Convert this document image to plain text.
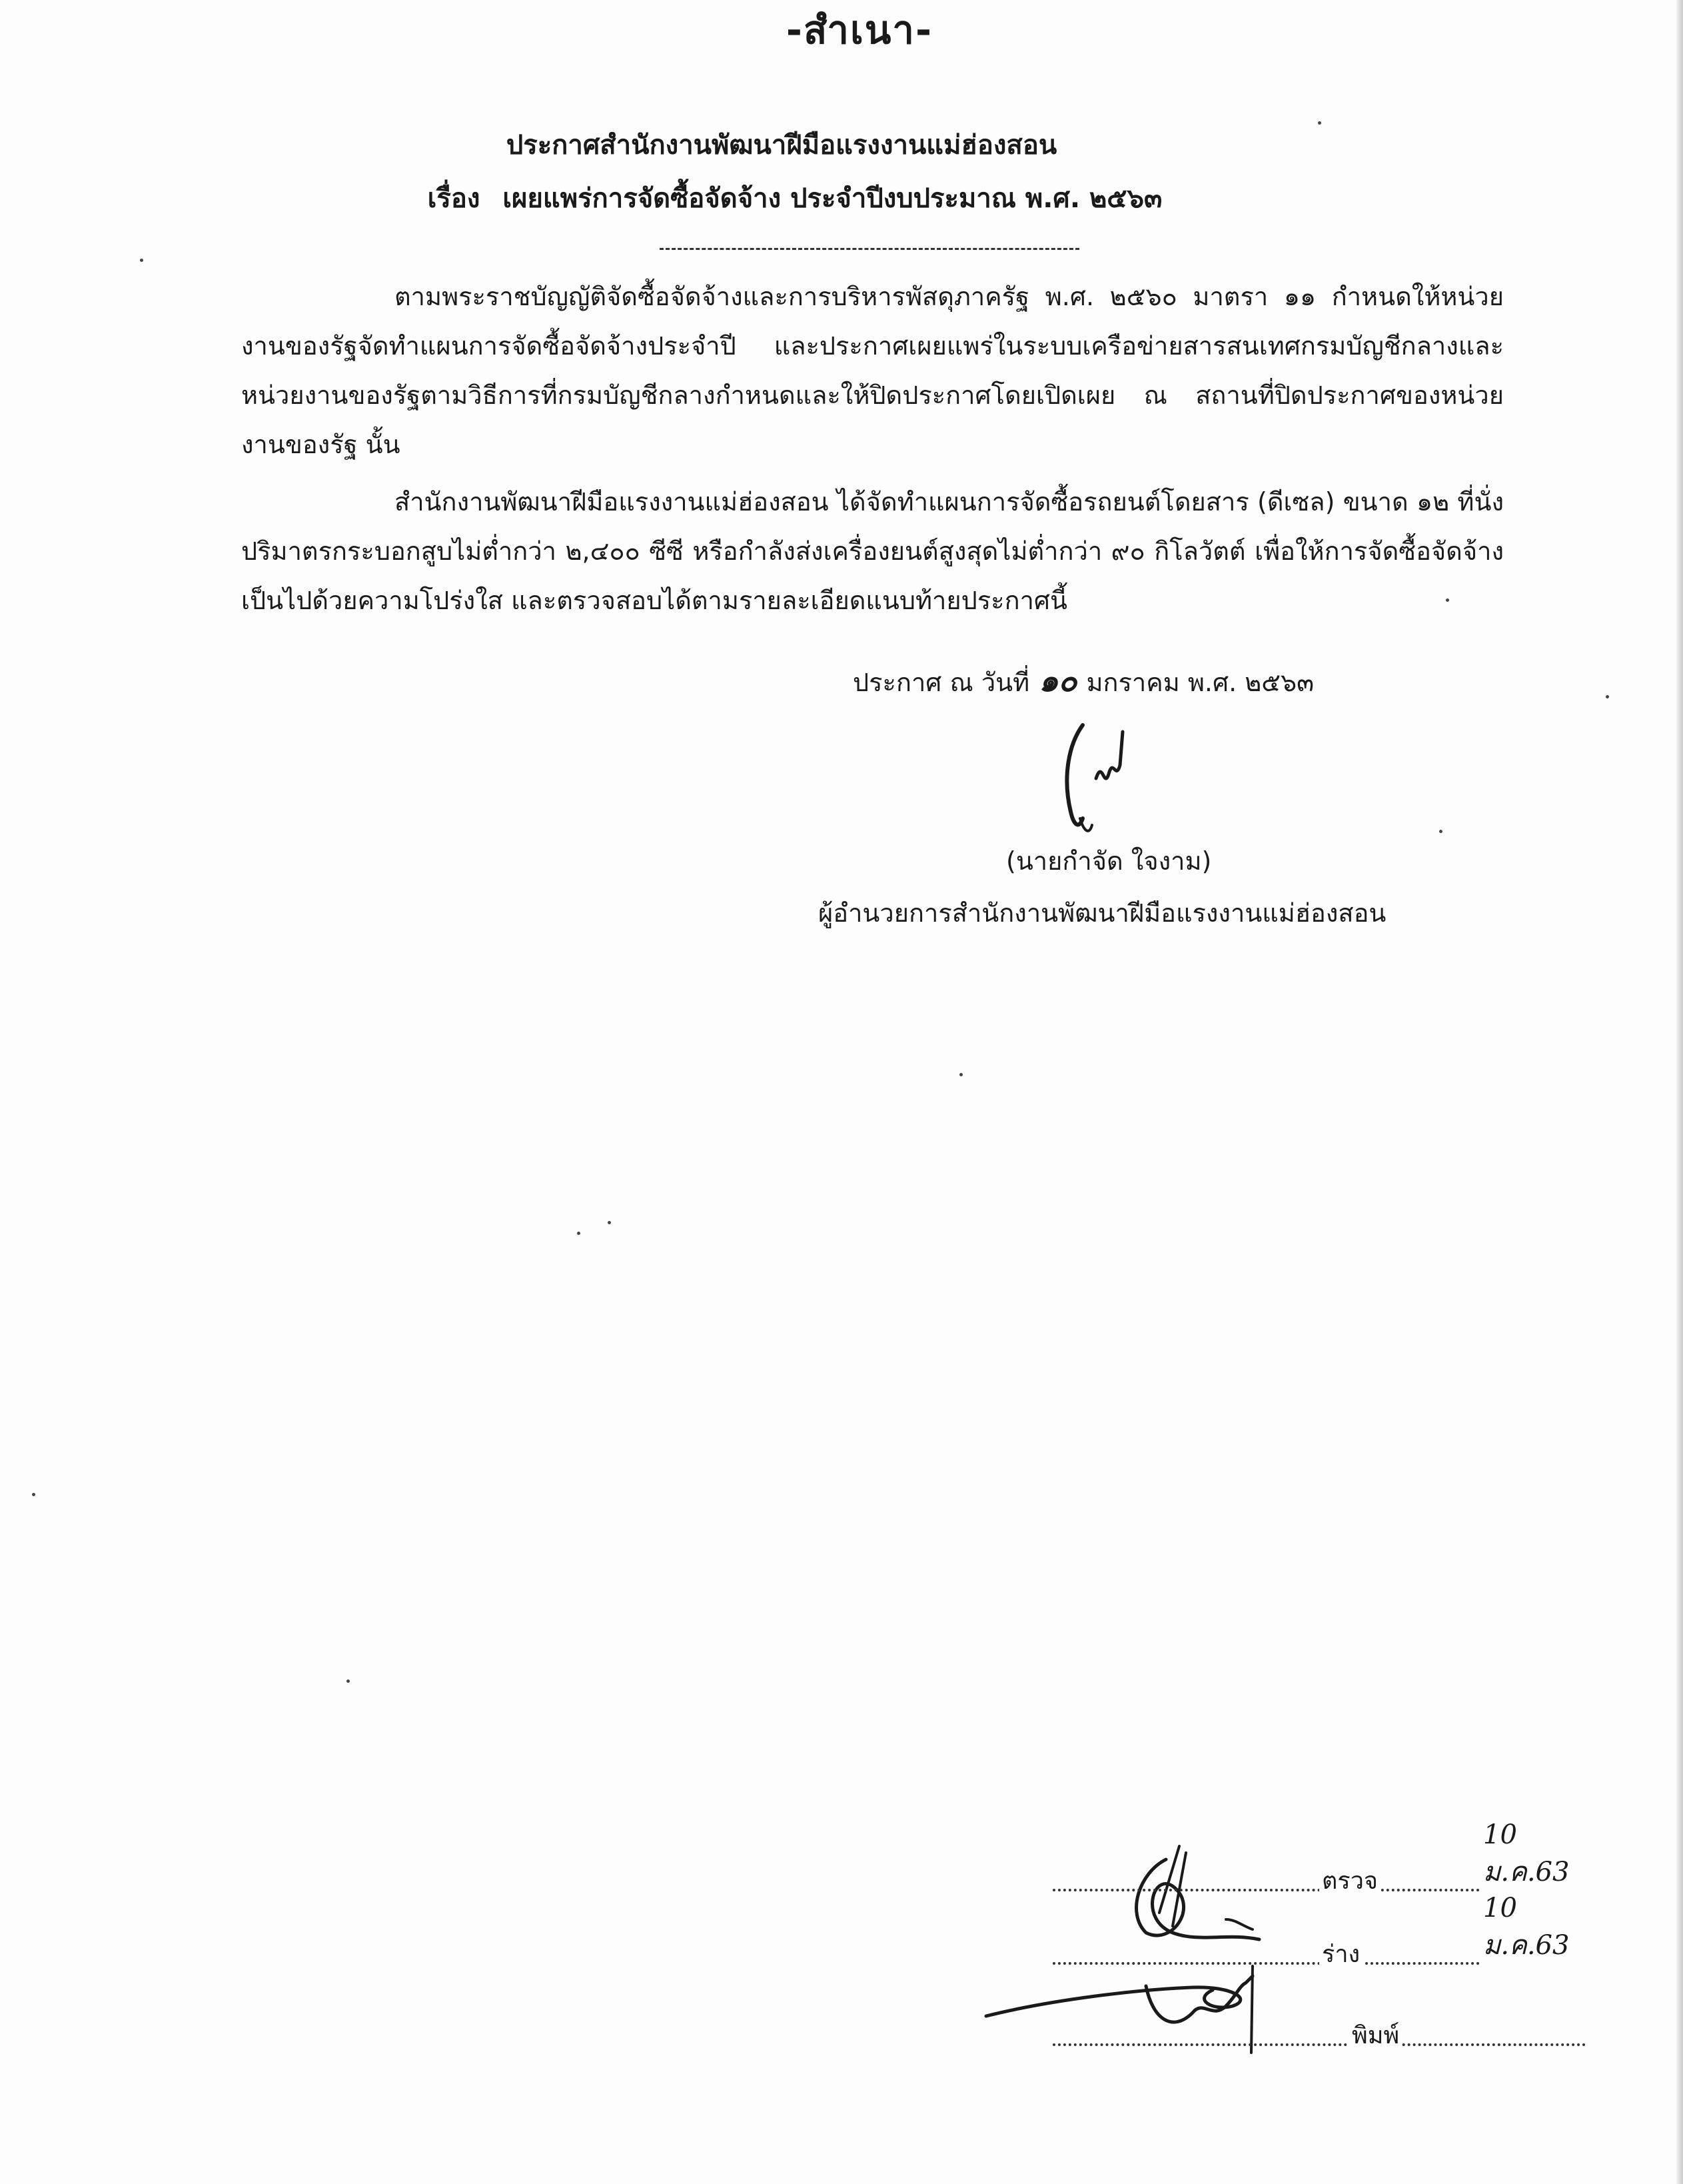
-สำเนา-
ประกาศสำนักงานพัฒนาฝีมือแรงงานแม่ฮ่องสอน
เรื่อง เผยแพร่การจัดซื้อจัดจ้าง ประจำปีงบประมาณ พ.ศ. ๒๕๖๓

ตามพระราชบัญญัติจัดซื้อจัดจ้างและการบริหารพัสดุภาครัฐ พ.ศ. ๒๕๖๐ มาตรา ๑๑ กำหนดให้หน่วยงานของรัฐจัดทำแผนการจัดซื้อจัดจ้างประจำปี และประกาศเผยแพร่ในระบบเครือข่ายสารสนเทศกรมบัญชีกลางและหน่วยงานของรัฐตามวิธีการที่กรมบัญชีกลางกำหนดและให้ปิดประกาศโดยเปิดเผย ณ สถานที่ปิดประกาศของหน่วยงานของรัฐ นั้น

สำนักงานพัฒนาฝีมือแรงงานแม่ฮ่องสอน ได้จัดทำแผนการจัดซื้อรถยนต์โดยสาร (ดีเซล) ขนาด ๑๒ ที่นั่ง ปริมาตรกระบอกสูบไม่ต่ำกว่า ๒,๔๐๐ ซีซี หรือกำลังส่งเครื่องยนต์สูงสุดไม่ต่ำกว่า ๙๐ กิโลวัตต์ เพื่อให้การจัดซื้อจัดจ้างเป็นไปด้วยความโปร่งใส และตรวจสอบได้ตามรายละเอียดแนบท้ายประกาศนี้

ประกาศ ณ วันที่ ๑๐ มกราคม พ.ศ. ๒๕๖๓
(นายกำจัด ใจงาม)
ผู้อำนวยการสำนักงานพัฒนาฝีมือแรงงานแม่ฮ่องสอน
ตรวจ
10 ม.ค.63
ร่าง
10 ม.ค.63
พิมพ์
